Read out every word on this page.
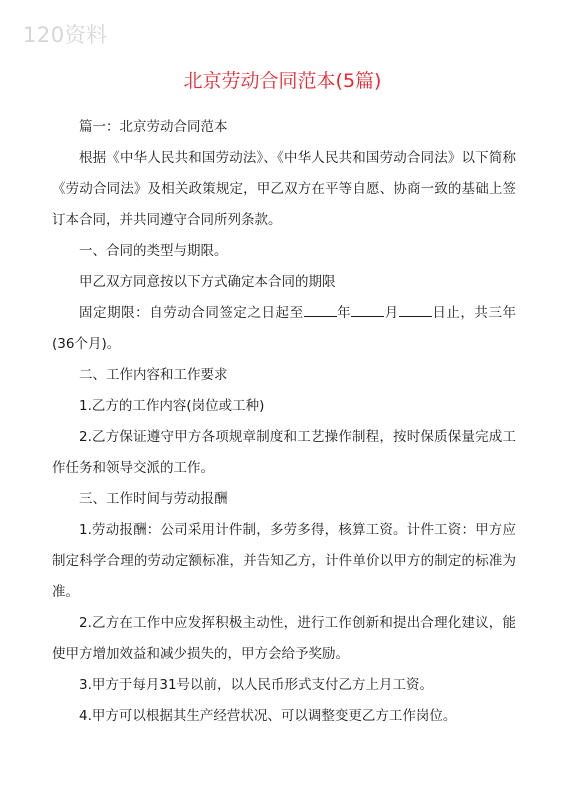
120资料
北京劳动合同范本(5篇)

篇一：北京劳动合同范本

根据《中华人民共和国劳动法》、《中华人民共和国劳动合同法》以下简称《劳动合同法》及相关政策规定，甲乙双方在平等自愿、协商一致的基础上签订本合同，并共同遵守合同所列条款。

一、合同的类型与期限。

甲乙双方同意按以下方式确定本合同的期限

固定期限：自劳动合同签定之日起至 年 月 日止，共三年(36个月)。

二、工作内容和工作要求

1.乙方的工作内容(岗位或工种)

2.乙方保证遵守甲方各项规章制度和工艺操作制程，按时保质保量完成工作任务和领导交派的工作。

三、工作时间与劳动报酬

1.劳动报酬：公司采用计件制，多劳多得，核算工资。计件工资：甲方应制定科学合理的劳动定额标准，并告知乙方，计件单价以甲方的制定的标准为准。

2.乙方在工作中应发挥积极主动性，进行工作创新和提出合理化建议，能使甲方增加效益和减少损失的，甲方会给予奖励。

3.甲方于每月31号以前，以人民币形式支付乙方上月工资。

4.甲方可以根据其生产经营状况、可以调整变更乙方工作岗位。
